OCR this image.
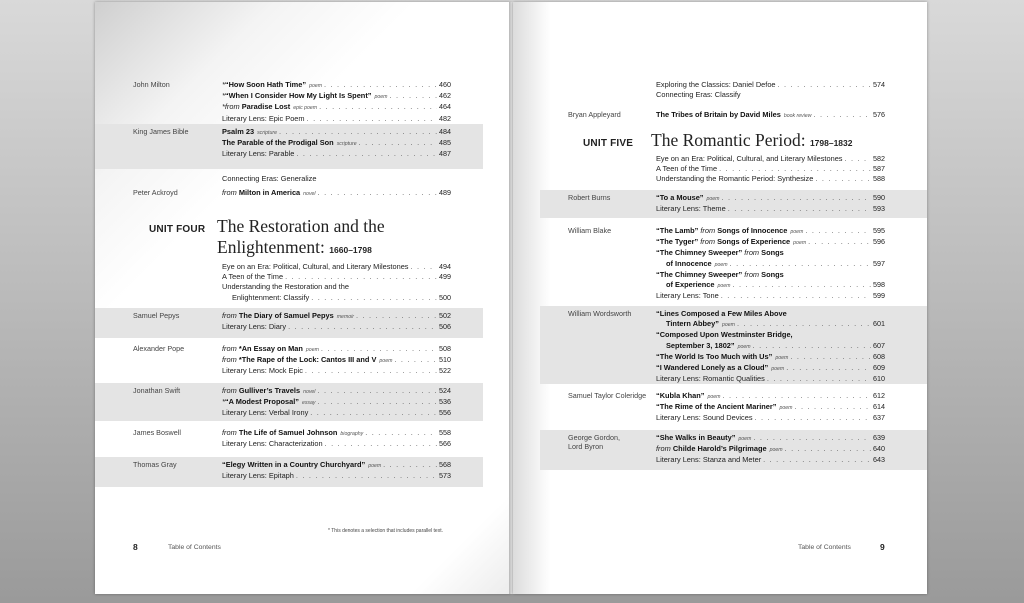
John Milton	*“How Soon Hath Time” poem . . .	460
*“When I Consider How My Light Is Spent” poem . . .	462
*from Paradise Lost epic poem . . .	464
Literary Lens: Epic Poem . . .	482
King James Bible	Psalm 23 scripture . . .	484
The Parable of the Prodigal Son scripture . . .	485
Literary Lens: Parable . . .	487
Connecting Eras: Generalize
Peter Ackroyd	from Milton in America novel . . .	489
UNIT FOUR The Restoration and the
Enlightenment: 1660–1798
Eye on an Era: Political, Cultural, and Literary Milestones . . .	494
A Teen of the Time . . .	499
Understanding the Restoration and the
Enlightenment: Classify . . .	500
Samuel Pepys	from The Diary of Samuel Pepys memoir . . .	502
Literary Lens: Diary . . .	506
Alexander Pope	from *An Essay on Man poem . . .	508
from *The Rape of the Lock: Cantos III and V poem . . .	510
Literary Lens: Mock Epic . . .	522
Jonathan Swift	from Gulliver’s Travels novel . . .	524
*“A Modest Proposal” essay . . .	536
Literary Lens: Verbal Irony . . .	556
James Boswell	from The Life of Samuel Johnson biography . . .	558
Literary Lens: Characterization . . .	566
Thomas Gray	“Elegy Written in a Country Churchyard” poem . . .	568
Literary Lens: Epitaph . . .	573
* This denotes a selection that includes parallel text.
8	Table of Contents
Exploring the Classics: Daniel Defoe . . .	574
Connecting Eras: Classify
Bryan Appleyard	The Tribes of Britain by David Miles book review . . .	576
UNIT FIVE The Romantic Period: 1798–1832
Eye on an Era: Political, Cultural, and Literary Milestones . . .	582
A Teen of the Time . . .	587
Understanding the Romantic Period: Synthesize . . .	588
Robert Burns	“To a Mouse” poem . . .	590
Literary Lens: Theme . . .	593
William Blake	“The Lamb” from Songs of Innocence poem . . .	595
“The Tyger” from Songs of Experience poem . . .	596
“The Chimney Sweeper” from Songs
of Innocence poem . . .	597
“The Chimney Sweeper” from Songs
of Experience poem . . .	598
Literary Lens: Tone . . .	599
William Wordsworth	“Lines Composed a Few Miles Above
Tintern Abbey” poem . . .	601
“Composed Upon Westminster Bridge,
September 3, 1802” poem . . .	607
“The World Is Too Much with Us” poem . . .	608
“I Wandered Lonely as a Cloud” poem . . .	609
Literary Lens: Romantic Qualities . . .	610
Samuel Taylor Coleridge “Kubla Khan” poem . . .	612
“The Rime of the Ancient Mariner” poem . . .	614
Literary Lens: Sound Devices . . .	637
George Gordon,
Lord Byron
“She Walks in Beauty” poem . . .	639
from Childe Harold’s Pilgrimage poem . . .	640
Literary Lens: Stanza and Meter . . .	643
Table of Contents	9
